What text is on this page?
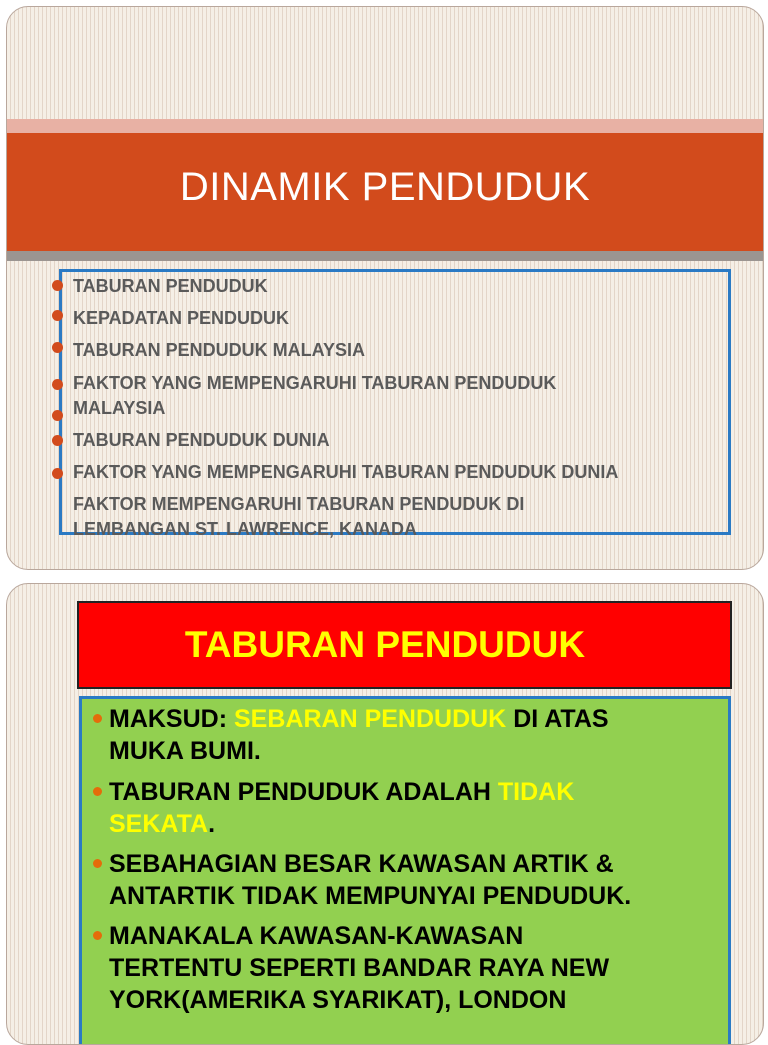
DINAMIK PENDUDUK
TABURAN PENDUDUK
KEPADATAN PENDUDUK
TABURAN PENDUDUK MALAYSIA
FAKTOR YANG MEMPENGARUHI TABURAN PENDUDUK
MALAYSIA
TABURAN PENDUDUK DUNIA
FAKTOR YANG MEMPENGARUHI TABURAN PENDUDUK DUNIA
FAKTOR MEMPENGARUHI TABURAN PENDUDUK DI
LEMBANGAN ST. LAWRENCE, KANADA
TABURAN PENDUDUK
MAKSUD: SEBARAN PENDUDUK DI ATAS
MUKA BUMI.
TABURAN PENDUDUK ADALAH TIDAK
SEKATA.
SEBAHAGIAN BESAR KAWASAN ARTIK &
ANTARTIK TIDAK MEMPUNYAI PENDUDUK.
MANAKALA KAWASAN-KAWASAN
TERTENTU SEPERTI BANDAR RAYA NEW
YORK(AMERIKA SYARIKAT), LONDON
